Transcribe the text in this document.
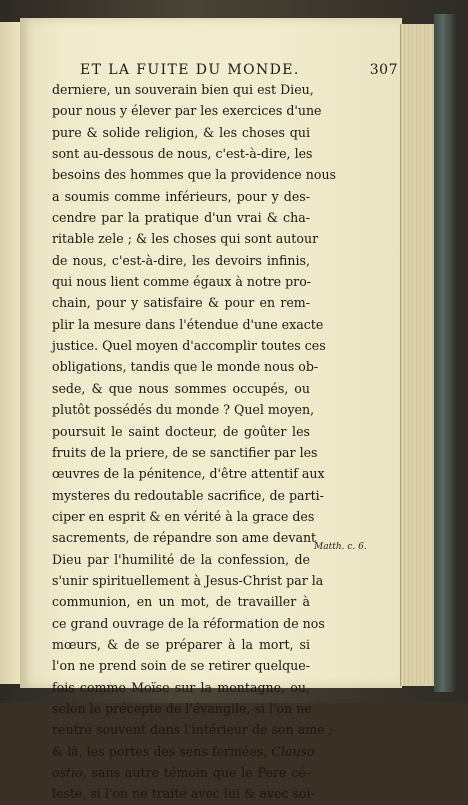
ET LA FUITE DU MONDE.	307
derniere, un souverain bien qui est Dieu,
pour nous y élever par les exercices d'une
pure & solide religion, & les choses qui
sont au-dessous de nous, c'est-à-dire, les
besoins des hommes que la providence nous
a soumis comme inférieurs, pour y des-
cendre par la pratique d'un vrai & cha-
ritable zele ; & les choses qui sont autour
de nous, c'est-à-dire, les devoirs infinis,
qui nous lient comme égaux à notre pro-
chain, pour y satisfaire & pour en rem-
plir la mesure dans l'étendue d'une exacte
justice. Quel moyen d'accomplir toutes ces
obligations, tandis que le monde nous ob-
sede, & que nous sommes occupés, ou
plutôt possédés du monde ? Quel moyen,
poursuit le saint docteur, de goûter les
fruits de la priere, de se sanctifier par les
œuvres de la pénitence, d'être attentif aux
mysteres du redoutable sacrifice, de parti-
ciper en esprit & en vérité à la grace des
sacrements, de répandre son ame devant
Dieu par l'humilité de la confession, de
s'unir spirituellement à Jesus-Christ par la
communion, en un mot, de travailler à
ce grand ouvrage de la réformation de nos
mœurs, & de se préparer à la mort, si
l'on ne prend soin de se retirer quelque-
fois comme Moïse sur la montagne, ou,
selon le précepte de l'évangile, si l'on ne
rentre souvent dans l'intérieur de son ame ;
& là, les portes des sens fermées, Clauso
ostio, sans autre témoin que le Pere cé-
leste, si l'on ne traite avec lui & avec soi-
Matth. c. 6.
